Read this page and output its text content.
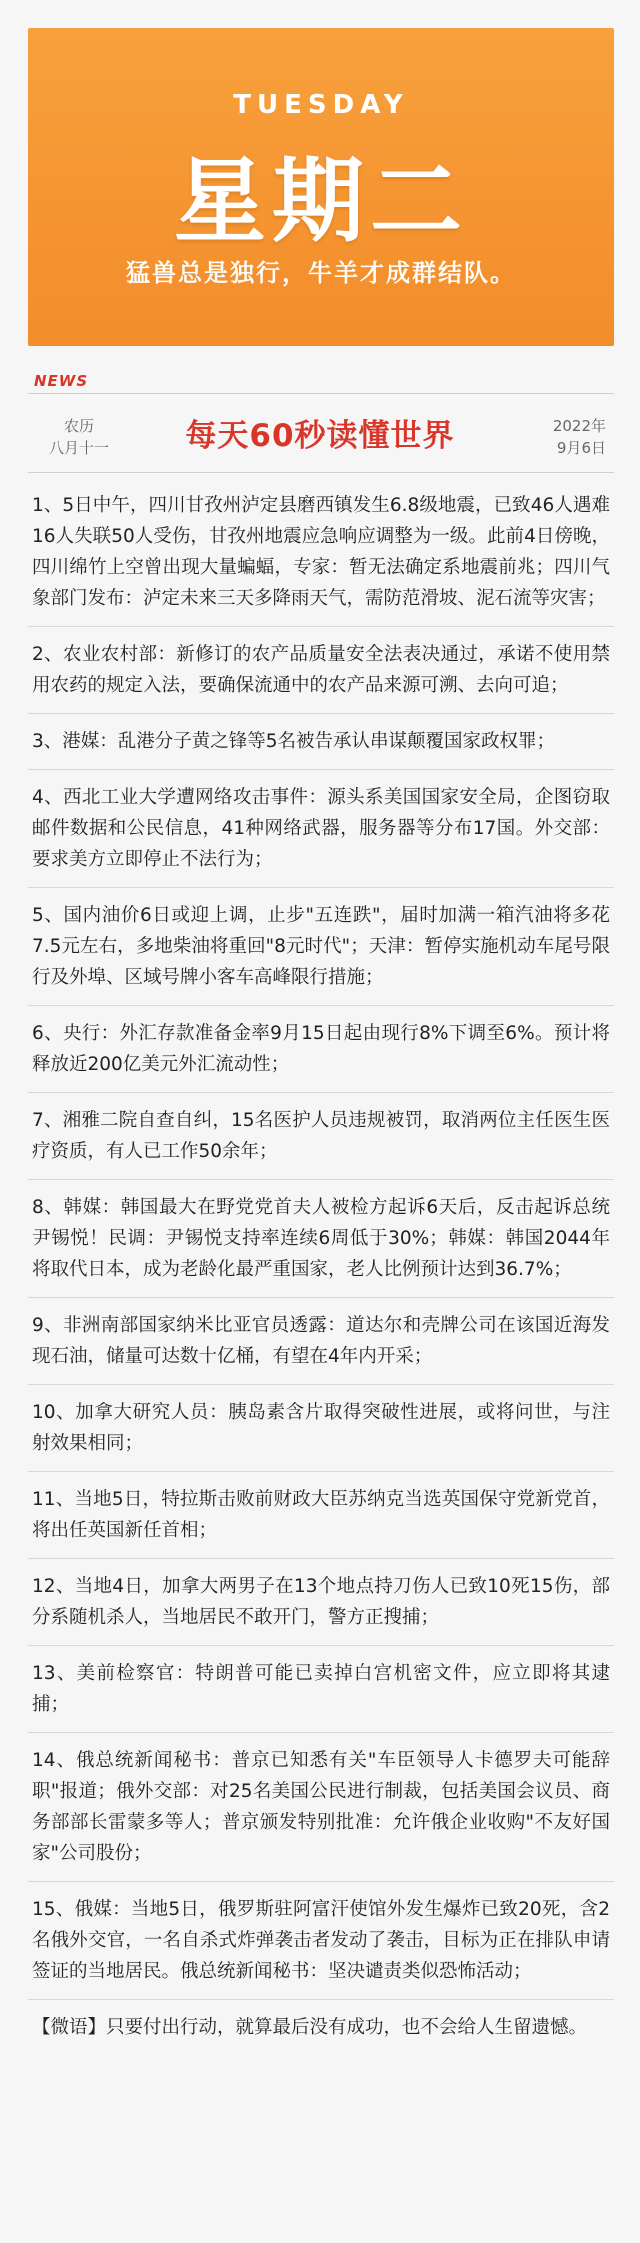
TUESDAY
星期二
猛兽总是独行，牛羊才成群结队。
NEWS
农历
八月十一	每天60秒读懂世界	2022年
9月6日
1、5日中午，四川甘孜州泸定县磨西镇发生6.8级地震，已致46人遇难16人失联50人受伤，甘孜州地震应急响应调整为一级。此前4日傍晚，四川绵竹上空曾出现大量蝙蝠，专家：暂无法确定系地震前兆；四川气象部门发布：泸定未来三天多降雨天气，需防范滑坡、泥石流等灾害；
2、农业农村部：新修订的农产品质量安全法表决通过，承诺不使用禁用农药的规定入法，要确保流通中的农产品来源可溯、去向可追；
3、港媒：乱港分子黄之锋等5名被告承认串谋颠覆国家政权罪；
4、西北工业大学遭网络攻击事件：源头系美国国家安全局，企图窃取邮件数据和公民信息，41种网络武器，服务器等分布17国。外交部：要求美方立即停止不法行为；
5、国内油价6日或迎上调，止步"五连跌"，届时加满一箱汽油将多花7.5元左右，多地柴油将重回"8元时代"；天津：暂停实施机动车尾号限行及外埠、区域号牌小客车高峰限行措施；
6、央行：外汇存款准备金率9月15日起由现行8%下调至6%。预计将释放近200亿美元外汇流动性；
7、湘雅二院自查自纠，15名医护人员违规被罚，取消两位主任医生医疗资质，有人已工作50余年；
8、韩媒：韩国最大在野党党首夫人被检方起诉6天后，反击起诉总统尹锡悦！民调：尹锡悦支持率连续6周低于30%；韩媒：韩国2044年将取代日本，成为老龄化最严重国家，老人比例预计达到36.7%；
9、非洲南部国家纳米比亚官员透露：道达尔和壳牌公司在该国近海发现石油，储量可达数十亿桶，有望在4年内开采；
10、加拿大研究人员：胰岛素含片取得突破性进展，或将问世，与注射效果相同；
11、当地5日，特拉斯击败前财政大臣苏纳克当选英国保守党新党首，将出任英国新任首相；
12、当地4日，加拿大两男子在13个地点持刀伤人已致10死15伤，部分系随机杀人，当地居民不敢开门，警方正搜捕；
13、美前检察官：特朗普可能已卖掉白宫机密文件，应立即将其逮捕；
14、俄总统新闻秘书：普京已知悉有关"车臣领导人卡德罗夫可能辞职"报道；俄外交部：对25名美国公民进行制裁，包括美国会议员、商务部部长雷蒙多等人；普京颁发特别批准：允许俄企业收购"不友好国家"公司股份；
15、俄媒：当地5日，俄罗斯驻阿富汗使馆外发生爆炸已致20死，含2名俄外交官，一名自杀式炸弹袭击者发动了袭击，目标为正在排队申请签证的当地居民。俄总统新闻秘书：坚决谴责类似恐怖活动；
【微语】只要付出行动，就算最后没有成功，也不会给人生留遗憾。
